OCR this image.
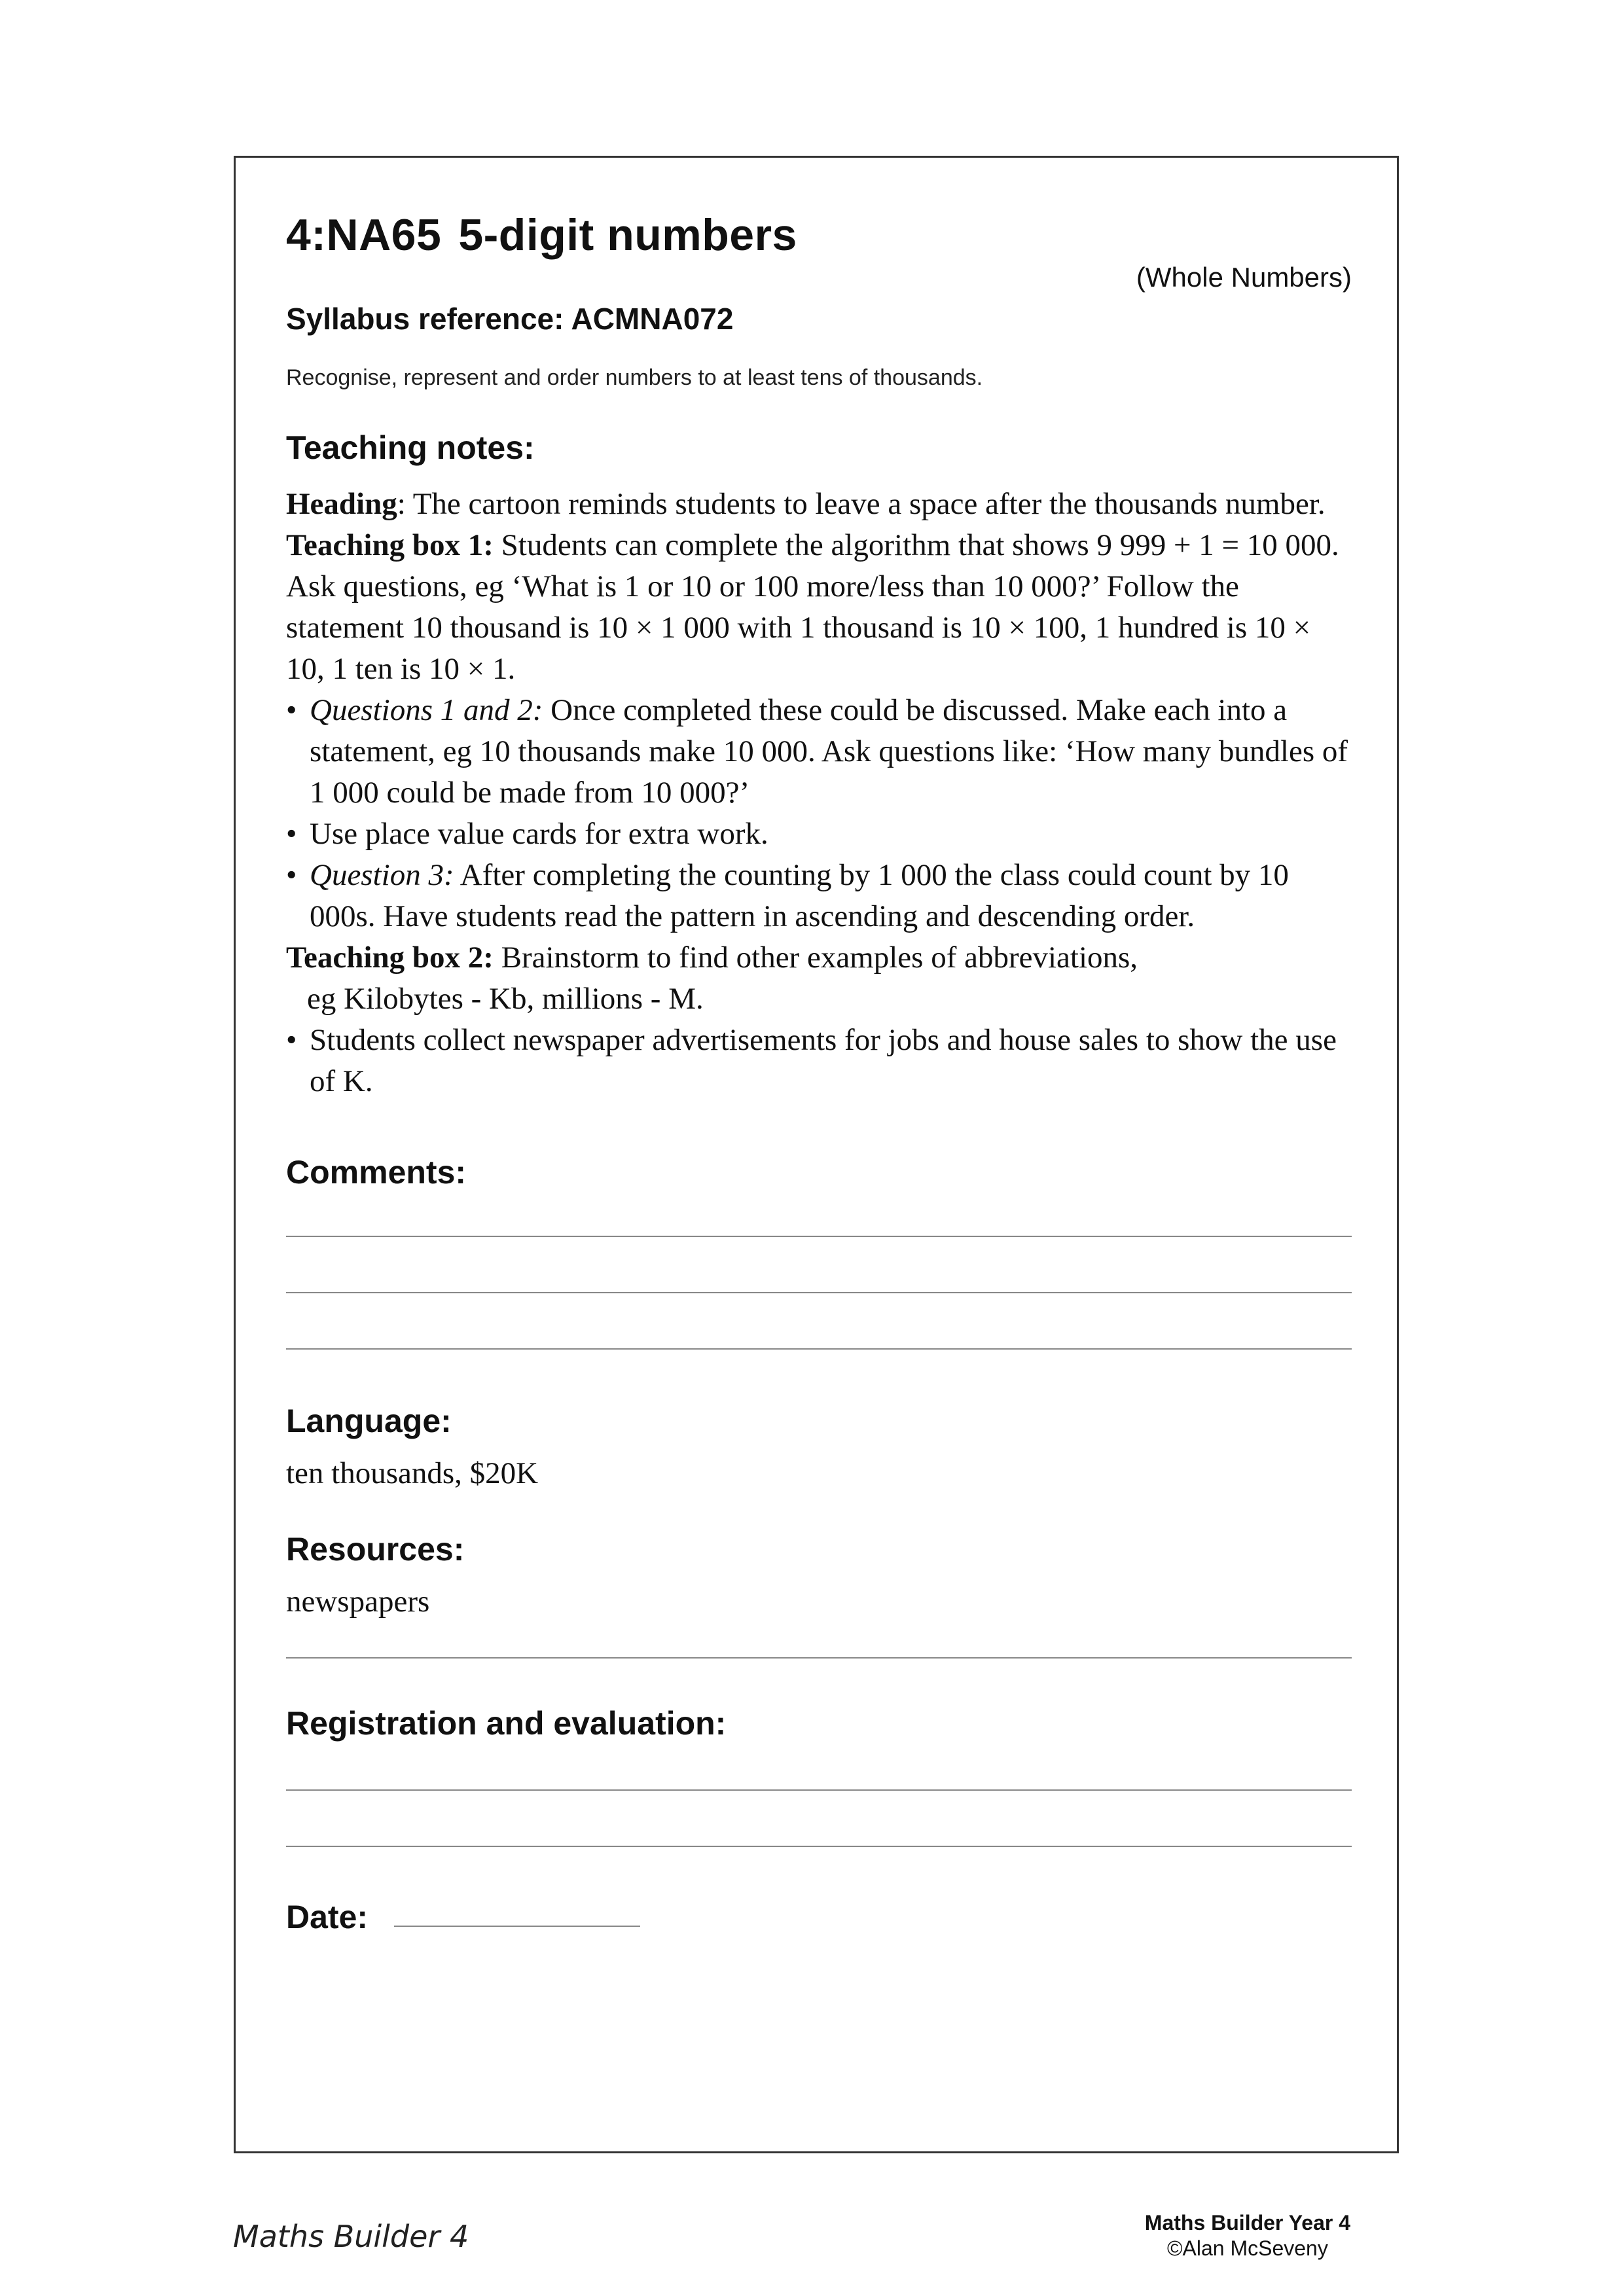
4:NA65 5-digit numbers
(Whole Numbers)
Syllabus reference: ACMNA072

Recognise, represent and order numbers to at least tens of thousands.

Teaching notes:

Heading: The cartoon reminds students to leave a space after the thousands number.

Teaching box 1: Students can complete the algorithm that shows 9 999 + 1 = 10 000. Ask questions, eg ‘What is 1 or 10 or 100 more/less than 10 000?’ Follow the statement 10 thousand is 10 × 1 000 with 1 thousand is 10 × 100, 1 hundred is 10 × 10, 1 ten is 10 × 1.

• Questions 1 and 2: Once completed these could be discussed. Make each into a statement, eg 10 thousands make 10 000. Ask questions like: ‘How many bundles of 1 000 could be made from 10 000?’

• Use place value cards for extra work.

• Question 3: After completing the counting by 1 000 the class could count by 10 000s. Have students read the pattern in ascending and descending order.

Teaching box 2: Brainstorm to find other examples of abbreviations,

eg Kilobytes - Kb, millions - M.

• Students collect newspaper advertisements for jobs and house sales to show the use of K.

Comments:
Language:
ten thousands, $20K
Resources:
newspapers
Registration and evaluation:
Date:
Maths Builder 4	Maths Builder Year 4
©Alan McSeveny
